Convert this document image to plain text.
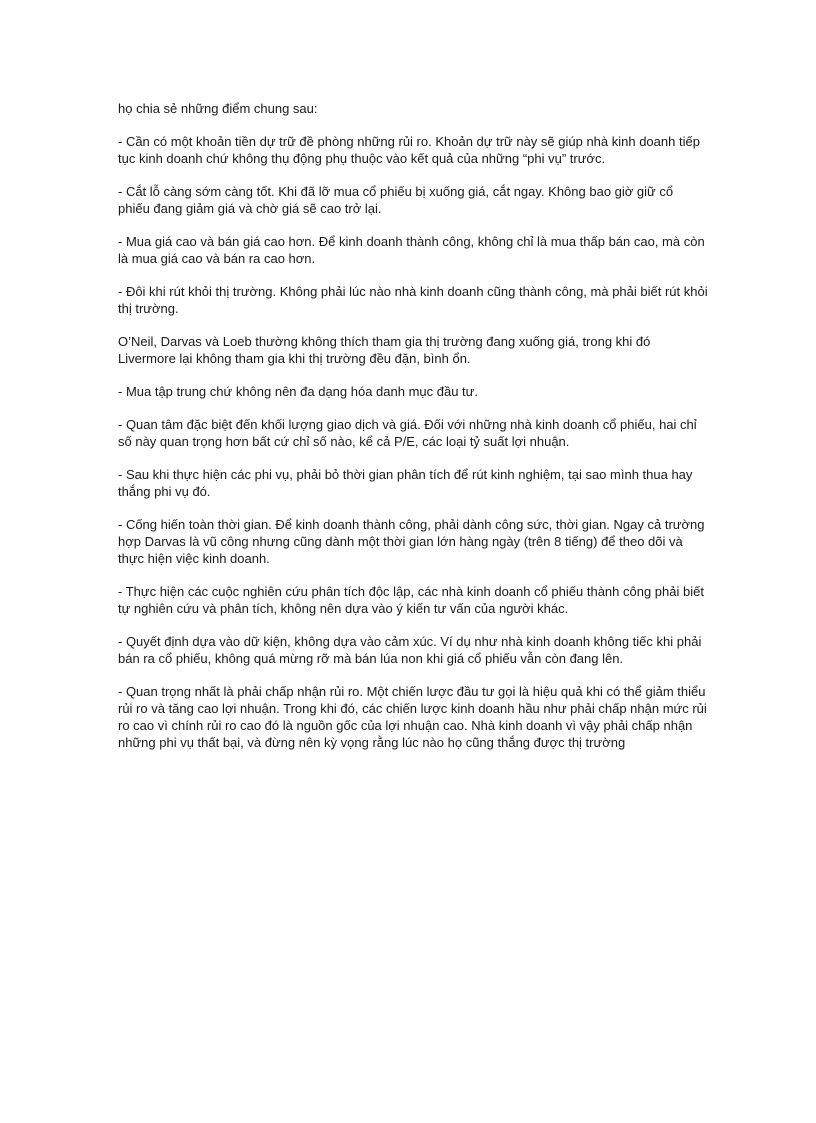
họ chia sẻ những điểm chung sau:

- Cần có một khoản tiền dự trữ đề phòng những rủi ro. Khoản dự trữ này sẽ giúp nhà kinh doanh tiếp tục kinh doanh chứ không thụ động phụ thuộc vào kết quả của những “phi vụ” trước.

- Cắt lỗ càng sớm càng tốt. Khi đã lỡ mua cổ phiếu bị xuống giá, cắt ngay. Không bao giờ giữ cổ phiếu đang giảm giá và chờ giá sẽ cao trở lại.

- Mua giá cao và bán giá cao hơn. Để kinh doanh thành công, không chỉ là mua thấp bán cao, mà còn là mua giá cao và bán ra cao hơn.

- Đôi khi rút khỏi thị trường. Không phải lúc nào nhà kinh doanh cũng thành công, mà phải biết rút khỏi thị trường.

O’Neil, Darvas và Loeb thường không thích tham gia thị trường đang xuống giá, trong khi đó Livermore lại không tham gia khi thị trường đều đặn, bình ổn.

- Mua tập trung chứ không nên đa dạng hóa danh mục đầu tư.

- Quan tâm đặc biệt đến khối lượng giao dịch và giá. Đối với những nhà kinh doanh cổ phiếu, hai chỉ số này quan trọng hơn bất cứ chỉ số nào, kể cả P/E, các loại tỷ suất lợi nhuận.

- Sau khi thực hiện các phi vụ, phải bỏ thời gian phân tích để rút kinh nghiệm, tại sao mình thua hay thắng phi vụ đó.

- Cống hiến toàn thời gian. Để kinh doanh thành công, phải dành công sức, thời gian. Ngay cả trường hợp Darvas là vũ công nhưng cũng dành một thời gian lớn hàng ngày (trên 8 tiếng) để theo dõi và thực hiện việc kinh doanh.

- Thực hiện các cuộc nghiên cứu phân tích độc lập, các nhà kinh doanh cổ phiếu thành công phải biết tự nghiên cứu và phân tích, không nên dựa vào ý kiến tư vấn của người khác.

- Quyết định dựa vào dữ kiện, không dựa vào cảm xúc. Ví dụ như nhà kinh doanh không tiếc khi phải bán ra cổ phiếu, không quá mừng rỡ mà bán lúa non khi giá cổ phiếu vẫn còn đang lên.

- Quan trọng nhất là phải chấp nhận rủi ro. Một chiến lược đầu tư gọi là hiệu quả khi có thể giảm thiểu rủi ro và tăng cao lợi nhuận. Trong khi đó, các chiến lược kinh doanh hầu như phải chấp nhận mức rủi ro cao vì chính rủi ro cao đó là nguồn gốc của lợi nhuận cao. Nhà kinh doanh vì vậy phải chấp nhận những phi vụ thất bại, và đừng nên kỳ vọng rằng lúc nào họ cũng thắng được thị trường
